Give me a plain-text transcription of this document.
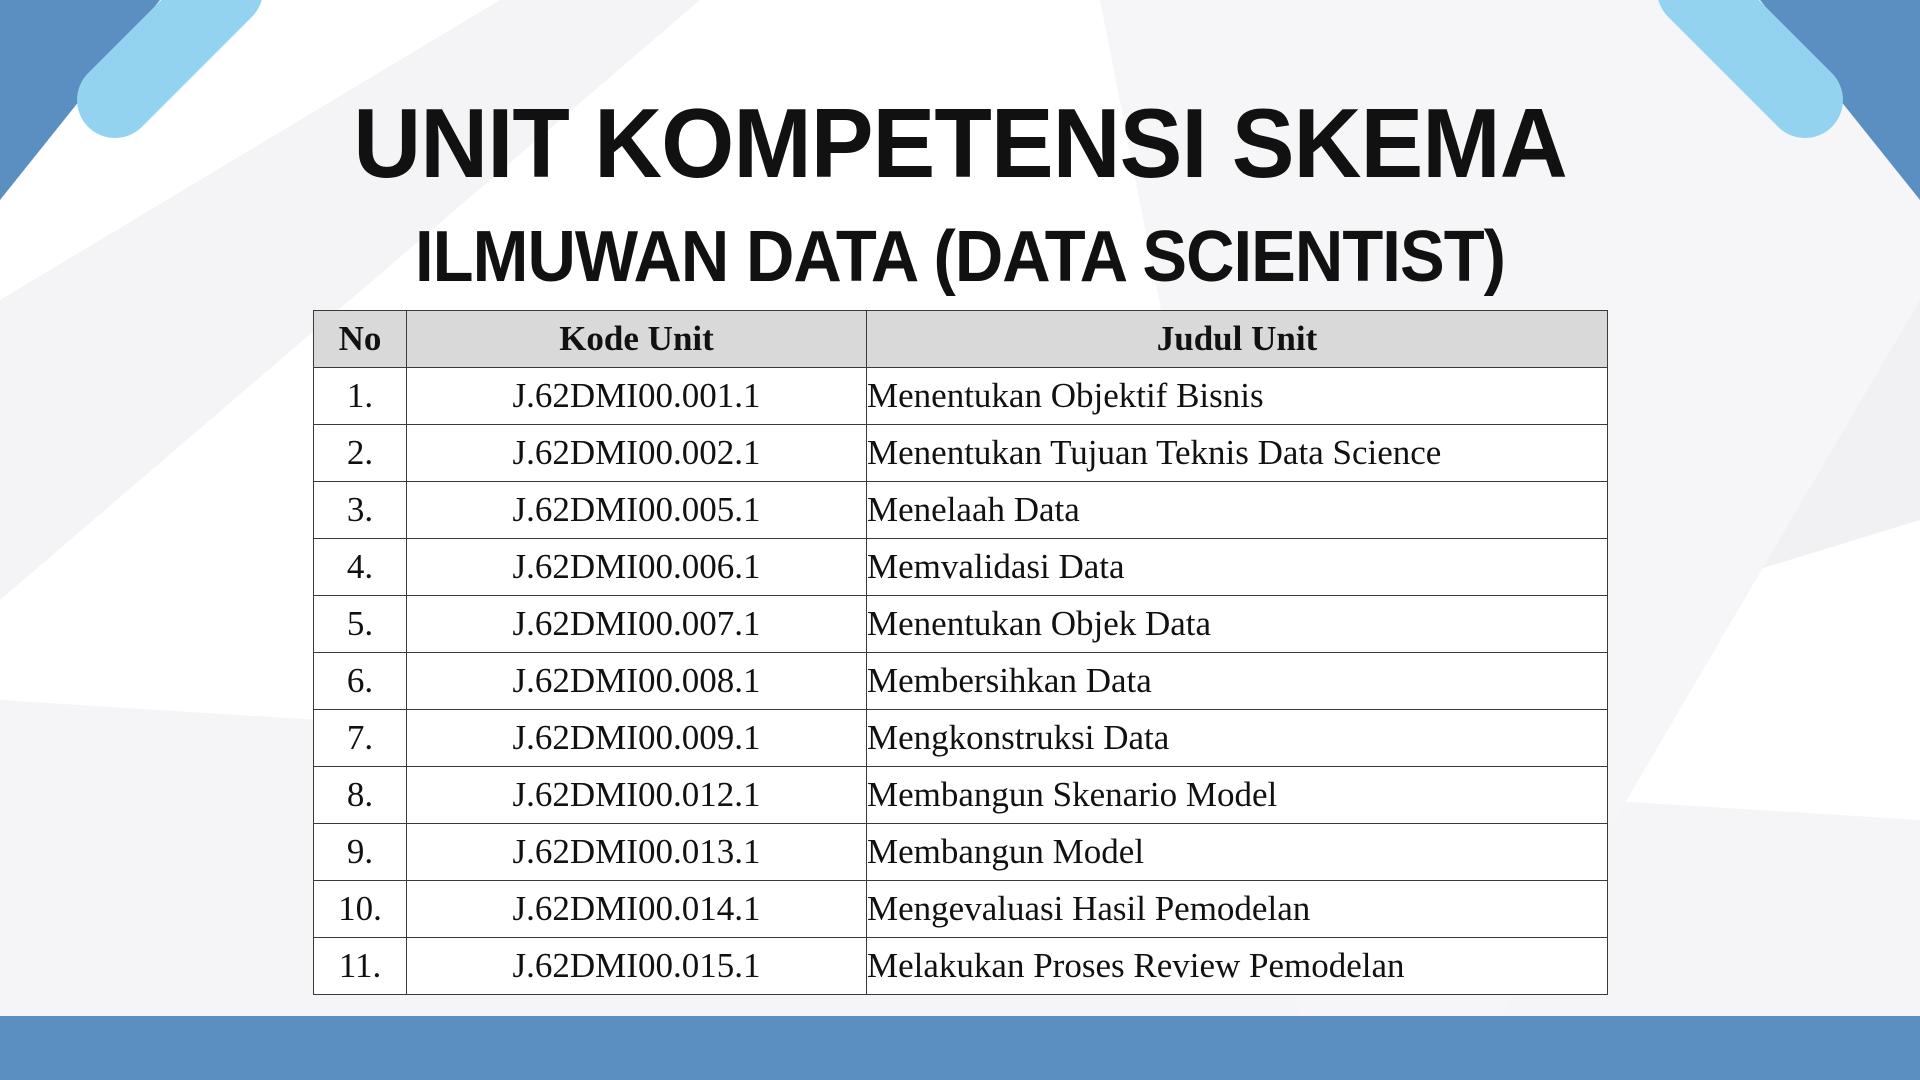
UNIT KOMPETENSI SKEMA
ILMUWAN DATA (DATA SCIENTIST)
No	Kode Unit	Judul Unit
1.	J.62DMI00.001.1	Menentukan Objektif Bisnis
2.	J.62DMI00.002.1	Menentukan Tujuan Teknis Data Science
3.	J.62DMI00.005.1	Menelaah Data
4.	J.62DMI00.006.1	Memvalidasi Data
5.	J.62DMI00.007.1	Menentukan Objek Data
6.	J.62DMI00.008.1	Membersihkan Data
7.	J.62DMI00.009.1	Mengkonstruksi Data
8.	J.62DMI00.012.1	Membangun Skenario Model
9.	J.62DMI00.013.1	Membangun Model
10.	J.62DMI00.014.1	Mengevaluasi Hasil Pemodelan
11.	J.62DMI00.015.1	Melakukan Proses Review Pemodelan
